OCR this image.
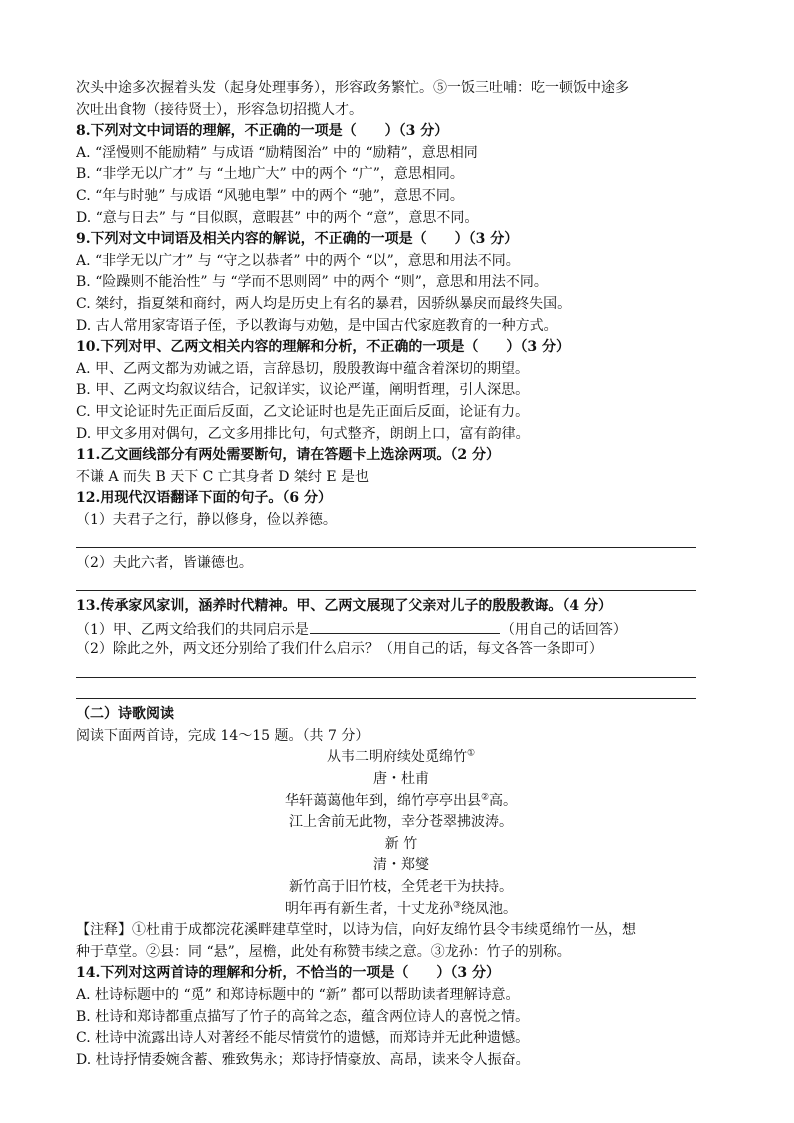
次头中途多次握着头发（起身处理事务），形容政务繁忙。⑤一饭三吐哺：吃一顿饭中途多
次吐出食物（接待贤士），形容急切招揽人才。
8.下列对文中词语的理解，不正确的一项是（　　）（3 分）
A. “淫慢则不能励精” 与成语 “励精图治” 中的 “励精”，意思相同
B. “非学无以广才” 与 “土地广大” 中的两个 “广”，意思相同。
C. “年与时驰” 与成语 “风驰电掣” 中的两个 “驰”，意思不同。
D. “意与日去” 与 “目似瞑，意暇甚” 中的两个 “意”，意思不同。
9.下列对文中词语及相关内容的解说，不正确的一项是（　　）（3 分）
A. “非学无以广才” 与 “守之以恭者” 中的两个 “以”，意思和用法不同。
B. “险躁则不能治性” 与 “学而不思则罔” 中的两个 “则”，意思和用法不同。
C. 桀纣，指夏桀和商纣，两人均是历史上有名的暴君，因骄纵暴戾而最终失国。
D. 古人常用家寄语子侄，予以教诲与劝勉，是中国古代家庭教育的一种方式。
10.下列对甲、乙两文相关内容的理解和分析，不正确的一项是（　　）（3 分）
A. 甲、乙两文都为劝诫之语，言辞恳切，殷殷教诲中蕴含着深切的期望。
B. 甲、乙两文均叙议结合，记叙详实，议论严谨，阐明哲理，引人深思。
C. 甲文论证时先正面后反面，乙文论证时也是先正面后反面，论证有力。
D. 甲文多用对偶句，乙文多用排比句，句式整齐，朗朗上口，富有韵律。
11.乙文画线部分有两处需要断句，请在答题卡上选涂两项。（2 分）
不谦 A 而失 B 天下 C 亡其身者 D 桀纣 E 是也
12.用现代汉语翻译下面的句子。（6 分）
（1）夫君子之行，静以修身，俭以养德。
（2）夫此六者，皆谦德也。
13.传承家风家训，涵养时代精神。甲、乙两文展现了父亲对儿子的殷殷教诲。（4 分）
（1）甲、乙两文给我们的共同启示是	（用自己的话回答）
（2）除此之外，两文还分别给了我们什么启示？（用自己的话，每文各答一条即可）
（二）诗歌阅读
阅读下面两首诗，完成 14～15 题。（共 7 分）
从韦二明府续处觅绵竹①
唐・杜甫
华轩蔼蔼他年到，绵竹亭亭出县②高。
江上舍前无此物，幸分苍翠拂波涛。
新 竹
清・郑燮
新竹高于旧竹枝，全凭老干为扶持。
明年再有新生者，十丈龙孙③绕凤池。
【注释】①杜甫于成都浣花溪畔建草堂时，以诗为信，向好友绵竹县令韦续觅绵竹一丛，想
种于草堂。②县：同 “悬”，屋檐，此处有称赞韦续之意。③龙孙：竹子的别称。
14.下列对这两首诗的理解和分析，不恰当的一项是（　　）（3 分）
A. 杜诗标题中的 “觅” 和郑诗标题中的 “新” 都可以帮助读者理解诗意。
B. 杜诗和郑诗都重点描写了竹子的高耸之态，蕴含两位诗人的喜悦之情。
C. 杜诗中流露出诗人对著经不能尽情赏竹的遗憾，而郑诗并无此种遗憾。
D. 杜诗抒情委婉含蓄、雅致隽永；郑诗抒情豪放、高昂，读来令人振奋。
